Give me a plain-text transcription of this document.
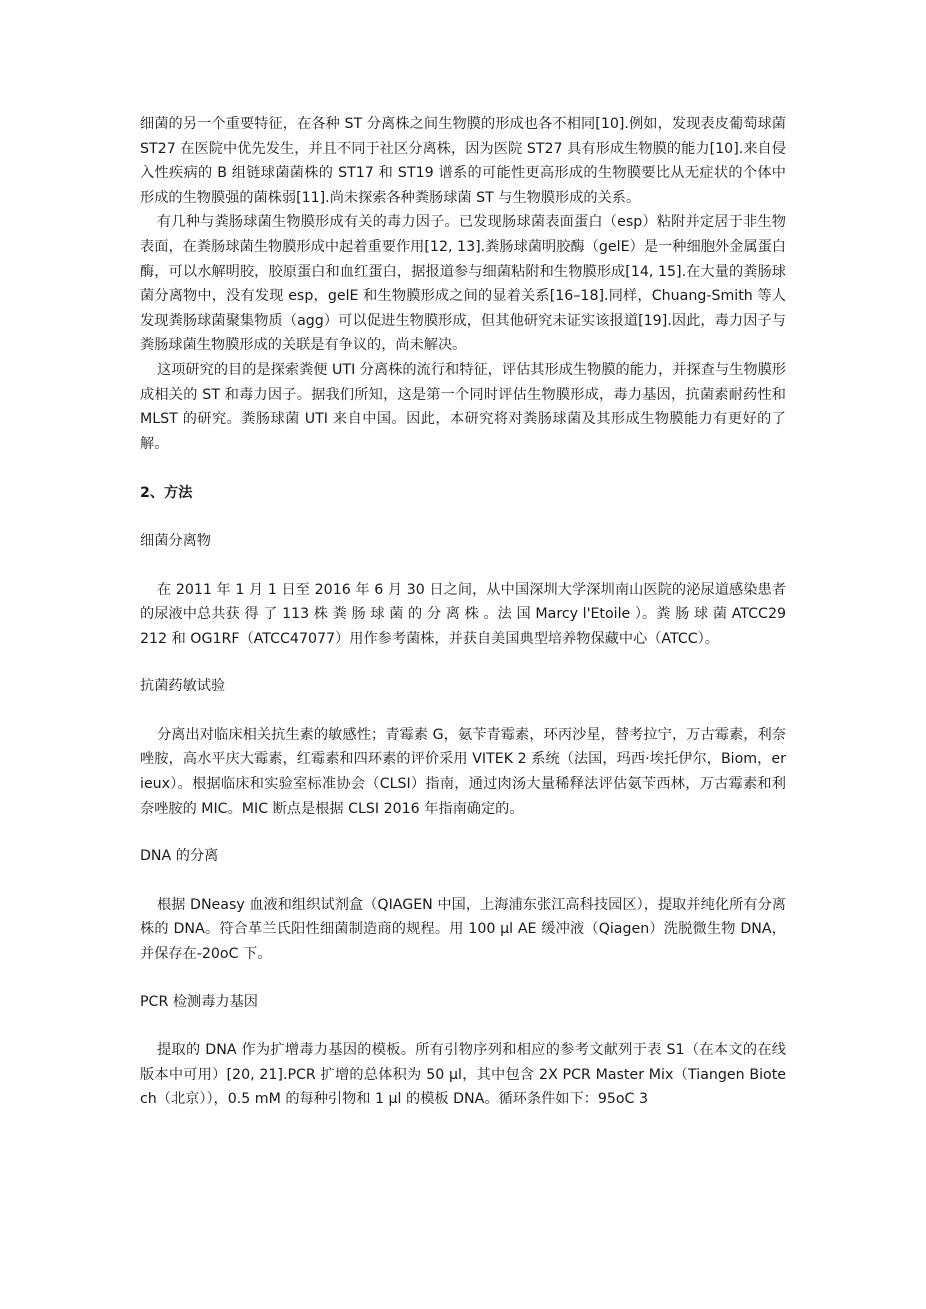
细菌的另一个重要特征，在各种 ST 分离株之间生物膜的形成也各不相同[10].例如，发现表皮葡萄球菌 ST27 在医院中优先发生，并且不同于社区分离株，因为医院 ST27 具有形成生物膜的能力[10].来自侵入性疾病的 B 组链球菌菌株的 ST17 和 ST19 谱系的可能性更高形成的生物膜要比从无症状的个体中形成的生物膜强的菌株弱[11].尚未探索各种粪肠球菌 ST 与生物膜形成的关系。

有几种与粪肠球菌生物膜形成有关的毒力因子。已发现肠球菌表面蛋白（esp）粘附并定居于非生物表面，在粪肠球菌生物膜形成中起着重要作用[12, 13].粪肠球菌明胶酶（gelE）是一种细胞外金属蛋白酶，可以水解明胶，胶原蛋白和血红蛋白，据报道参与细菌粘附和生物膜形成[14, 15].在大量的粪肠球菌分离物中，没有发现 esp，gelE 和生物膜形成之间的显着关系[16–18].同样，Chuang-Smith 等人发现粪肠球菌聚集物质（agg）可以促进生物膜形成，但其他研究未证实该报道[19].因此，毒力因子与粪肠球菌生物膜形成的关联是有争议的，尚未解决。

这项研究的目的是探索粪便 UTI 分离株的流行和特征，评估其形成生物膜的能力，并探查与生物膜形成相关的 ST 和毒力因子。据我们所知，这是第一个同时评估生物膜形成，毒力基因，抗菌素耐药性和 MLST 的研究。粪肠球菌 UTI 来自中国。因此，本研究将对粪肠球菌及其形成生物膜能力有更好的了解。

2、方法
细菌分离物

在 2011 年 1 月 1 日至 2016 年 6 月 30 日之间，从中国深圳大学深圳南山医院的泌尿道感染患者的尿液中总共获 得 了 113 株 粪 肠 球 菌 的 分 离 株 。法 国 Marcy l'Etoile ）。粪 肠 球 菌 ATCC29212 和 OG1RF（ATCC47077）用作参考菌株，并获自美国典型培养物保藏中心（ATCC）。

抗菌药敏试验

分离出对临床相关抗生素的敏感性；青霉素 G，氨苄青霉素，环丙沙星，替考拉宁，万古霉素，利奈唑胺，高水平庆大霉素，红霉素和四环素的评价采用 VITEK 2 系统（法国，玛西·埃托伊尔，Biom，erieux）。根据临床和实验室标准协会（CLSI）指南，通过肉汤大量稀释法评估氨苄西林，万古霉素和利奈唑胺的 MIC。MIC 断点是根据 CLSI 2016 年指南确定的。

DNA 的分离

根据 DNeasy 血液和组织试剂盒（QIAGEN 中国，上海浦东张江高科技园区），提取并纯化所有分离株的 DNA。符合革兰氏阳性细菌制造商的规程。用 100 μl AE 缓冲液（Qiagen）洗脱微生物 DNA，并保存在-20oC 下。

PCR 检测毒力基因

提取的 DNA 作为扩增毒力基因的模板。所有引物序列和相应的参考文献列于表 S1（在本文的在线版本中可用）[20, 21].PCR 扩增的总体积为 50 μl，其中包含 2X PCR Master Mix（Tiangen Biotech（北京）），0.5 mM 的每种引物和 1 μl 的模板 DNA。循环条件如下：95oC 3
